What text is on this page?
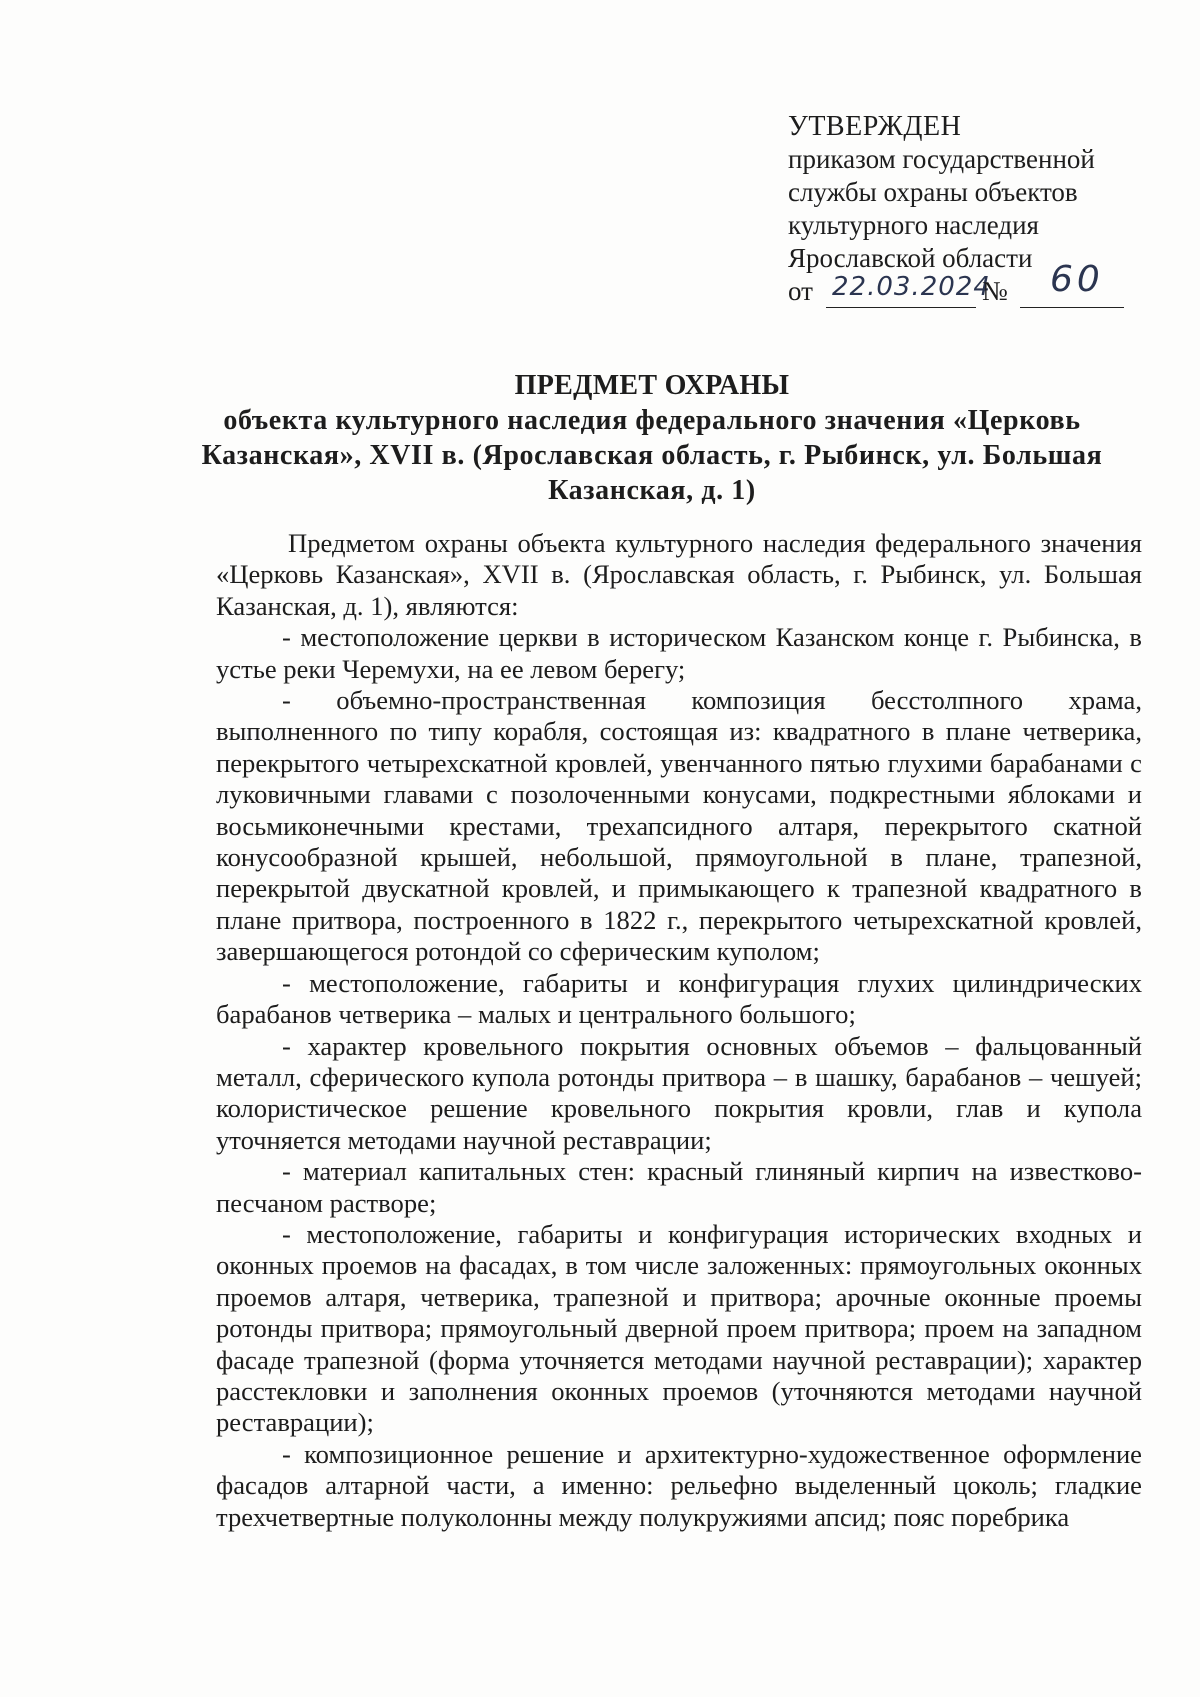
УТВЕРЖДЕН
приказом государственной
службы охраны объектов
культурного наследия
Ярославской области
от 22.03.2024
№ 60
ПРЕДМЕТ ОХРАНЫ
объекта культурного наследия федерального значения «Церковь Казанская», XVII в. (Ярославская область, г. Рыбинск, ул. Большая Казанская, д. 1)

Предметом охраны объекта культурного наследия федерального значения «Церковь Казанская», XVII в. (Ярославская область, г. Рыбинск, ул. Большая Казанская, д. 1), являются:

- местоположение церкви в историческом Казанском конце г. Рыбинска, в устье реки Черемухи, на ее левом берегу;

- объемно-пространственная композиция бесстолпного храма, выполненного по типу корабля, состоящая из: квадратного в плане четверика, перекрытого четырехскатной кровлей, увенчанного пятью глухими барабанами с луковичными главами с позолоченными конусами, подкрестными яблоками и восьмиконечными крестами, трехапсидного алтаря, перекрытого скатной конусообразной крышей, небольшой, прямоугольной в плане, трапезной, перекрытой двускатной кровлей, и примыкающего к трапезной квадратного в плане притвора, построенного в 1822 г., перекрытого четырехскатной кровлей, завершающегося ротондой со сферическим куполом;

- местоположение, габариты и конфигурация глухих цилиндрических барабанов четверика – малых и центрального большого;

- характер кровельного покрытия основных объемов – фальцованный металл, сферического купола ротонды притвора – в шашку, барабанов – чешуей; колористическое решение кровельного покрытия кровли, глав и купола уточняется методами научной реставрации;

- материал капитальных стен: красный глиняный кирпич на известково-песчаном растворе;

- местоположение, габариты и конфигурация исторических входных и оконных проемов на фасадах, в том числе заложенных: прямоугольных оконных проемов алтаря, четверика, трапезной и притвора; арочные оконные проемы ротонды притвора; прямоугольный дверной проем притвора; проем на западном фасаде трапезной (форма уточняется методами научной реставрации); характер расстекловки и заполнения оконных проемов (уточняются методами научной реставрации);

- композиционное решение и архитектурно-художественное оформление фасадов алтарной части, а именно: рельефно выделенный цоколь; гладкие трехчетвертные полуколонны между полукружиями апсид; пояс поребрика
